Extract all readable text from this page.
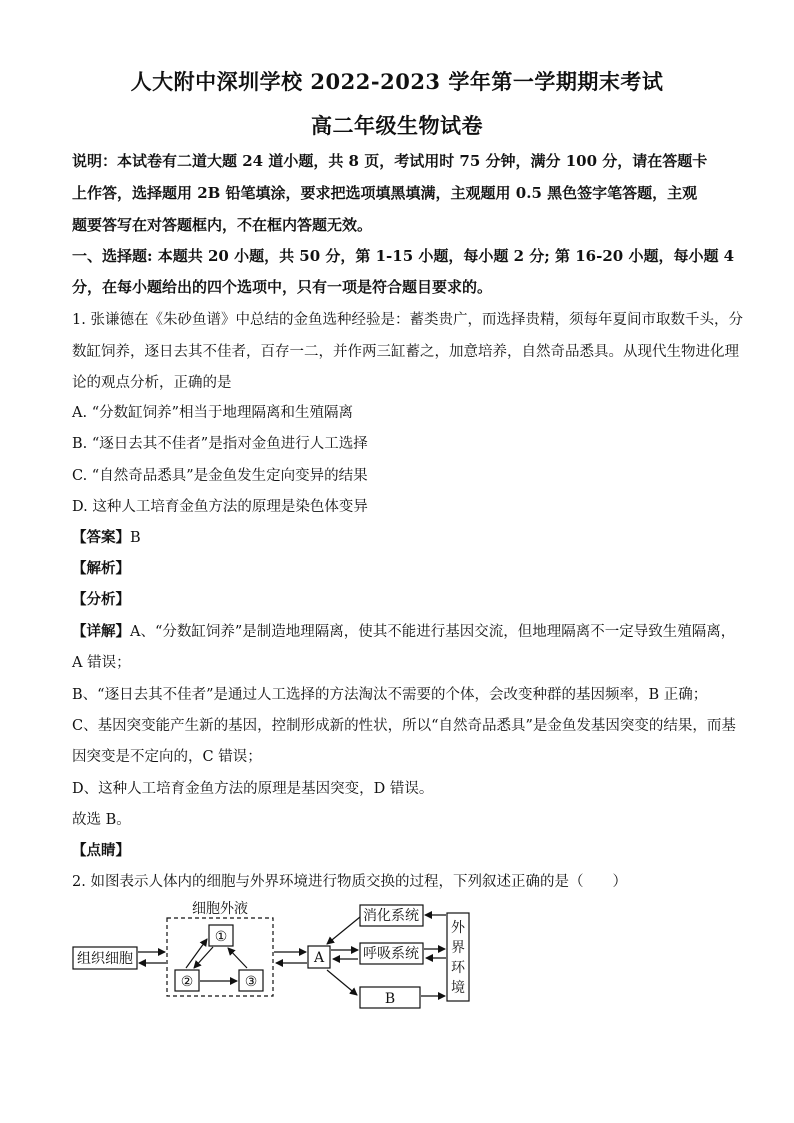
人大附中深圳学校 2022-2023 学年第一学期期末考试
高二年级生物试卷
说明：本试卷有二道大题 24 道小题，共 8 页，考试用时 75 分钟，满分 100 分，请在答题卡
上作答，选择题用 2B 铅笔填涂，要求把选项填黑填满，主观题用 0.5 黑色签字笔答题，主观
题要答写在对答题框内，不在框内答题无效。
一、选择题: 本题共 20 小题，共 50 分，第 1-15 小题，每小题 2 分; 第 16-20 小题，每小题 4
分，在每小题给出的四个选项中，只有一项是符合题目要求的。
1. 张谦德在《朱砂鱼谱》中总结的金鱼选种经验是：蓄类贵广，而选择贵精，须每年夏间市取数千头，分
数缸饲养，逐日去其不佳者，百存一二，并作两三缸蓄之，加意培养，自然奇品悉具。从现代生物进化理
论的观点分析，正确的是
A. “分数缸饲养”相当于地理隔离和生殖隔离
B. “逐日去其不佳者”是指对金鱼进行人工选择
C. “自然奇品悉具”是金鱼发生定向变异的结果
D. 这种人工培育金鱼方法的原理是染色体变异
【答案】B
【解析】
【分析】
【详解】A、“分数缸饲养”是制造地理隔离，使其不能进行基因交流，但地理隔离不一定导致生殖隔离，
A 错误；
B、“逐日去其不佳者”是通过人工选择的方法淘汰不需要的个体，会改变种群的基因频率，B 正确；
C、基因突变能产生新的基因，控制形成新的性状，所以“自然奇品悉具”是金鱼发基因突变的结果，而基
因突变是不定向的，C 错误；
D、这种人工培育金鱼方法的原理是基因突变，D 错误。
故选 B。
【点睛】
2. 如图表示人体内的细胞与外界环境进行物质交换的过程，下列叙述正确的是（　　）
细胞外液
组织细胞
①
②	③
A
消化系统
呼吸系统
B
外
界
环
境
